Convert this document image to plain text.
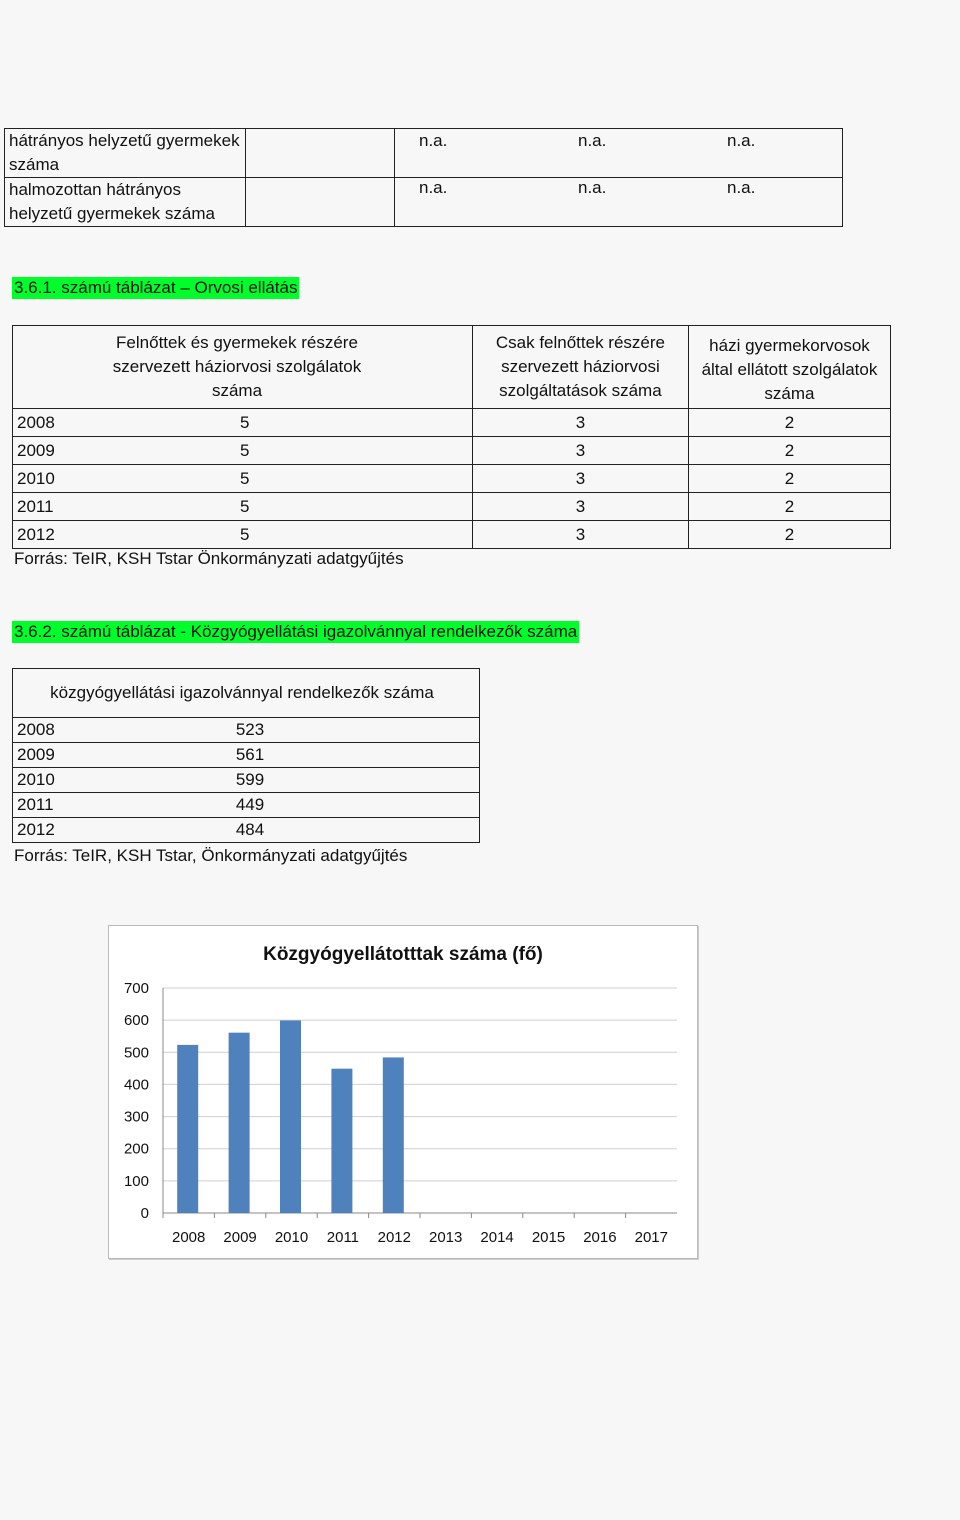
hátrányos helyzetű gyermekek száma		n.a. n.a. n.a.

halmozottan hátrányos helyzetű gyermekek száma		n.a. n.a. n.a.
3.6.1. számú táblázat – Orvosi ellátás
Felnőttek és gyermekek részére szervezett háziorvosi szolgálatok száma		Csak felnőttek részére szervezett háziorvosi szolgáltatások száma	házi gyermekorvosok által ellátott szolgálatok száma
2008	5	3	2
2009	5	3	2
2010	5	3	2
2011	5	3	2
2012	5	3	2
Forrás: TeIR, KSH Tstar Önkormányzati adatgyűjtés
3.6.2. számú táblázat - Közgyógyellátási igazolvánnyal rendelkezők száma

	közgyógyellátási igazolvánnyal rendelkezők száma

2008	523

2009	561

2010	599

2011	449

2012	484
Forrás: TeIR, KSH Tstar, Önkormányzati adatgyűjtés
Közgyógyellátotttak száma (fő)
0
100
200
300
400
500
600
700
2008 2009 2010 2011 2012 2013 2014 2015 2016 2017
